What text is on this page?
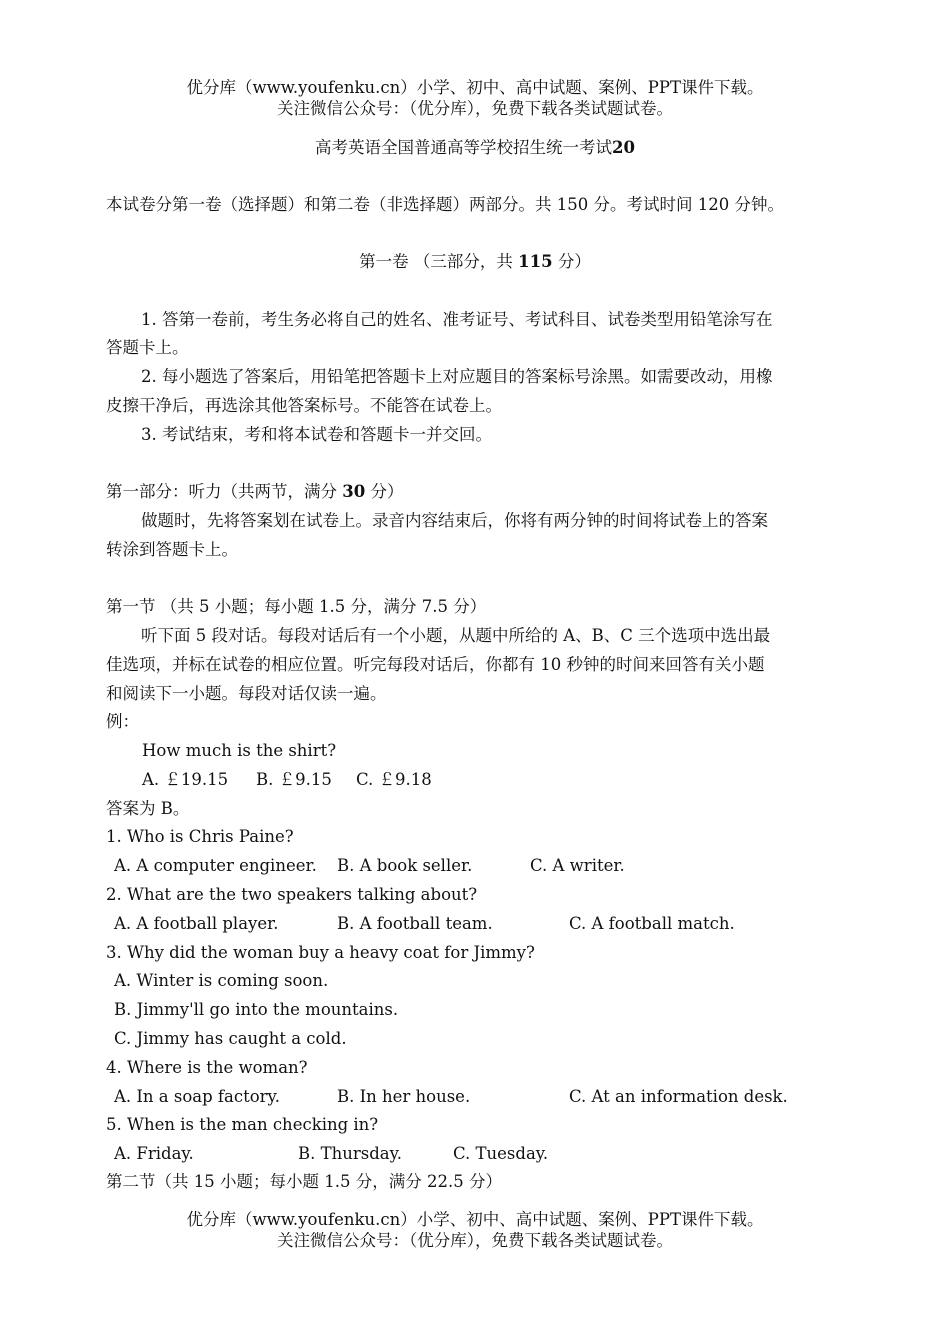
优分库（www.youfenku.cn）小学、初中、高中试题、案例、PPT课件下载。
关注微信公众号：（优分库），免费下载各类试题试卷。
高考英语全国普通高等学校招生统一考试20
本试卷分第一卷（选择题）和第二卷（非选择题）两部分。共 150 分。考试时间 120 分钟。
第一卷 （三部分，共 115 分）
1. 答第一卷前，考生务必将自己的姓名、准考证号、考试科目、试卷类型用铅笔涂写在
答题卡上。
2. 每小题选了答案后，用铅笔把答题卡上对应题目的答案标号涂黑。如需要改动，用橡
皮擦干净后，再选涂其他答案标号。不能答在试卷上。
3. 考试结束，考和将本试卷和答题卡一并交回。
第一部分：听力（共两节，满分 30 分）
做题时，先将答案划在试卷上。录音内容结束后，你将有两分钟的时间将试卷上的答案
转涂到答题卡上。
第一节 （共 5 小题；每小题 1.5 分，满分 7.5 分）
听下面 5 段对话。每段对话后有一个小题，从题中所给的 A、B、C 三个选项中选出最
佳选项，并标在试卷的相应位置。听完每段对话后，你都有 10 秒钟的时间来回答有关小题
和阅读下一小题。每段对话仅读一遍。
例：
How much is the shirt?
A. ￡19.15 B. ￡9.15 C. ￡9.18
答案为 B。
1. Who is Chris Paine?
A. A computer engineer. B. A book seller.	C. A writer.
2. What are the two speakers talking about?
A. A football player.	B. A football team.	C. A football match.
3. Why did the woman buy a heavy coat for Jimmy?
A. Winter is coming soon.
B. Jimmy'll go into the mountains.
C. Jimmy has caught a cold.
4. Where is the woman?
A. In a soap factory.	B. In her house.	C. At an information desk.
5. When is the man checking in?
A. Friday.	B. Thursday.	C. Tuesday.
第二节（共 15 小题；每小题 1.5 分，满分 22.5 分）
优分库（www.youfenku.cn）小学、初中、高中试题、案例、PPT课件下载。
关注微信公众号：（优分库），免费下载各类试题试卷。
